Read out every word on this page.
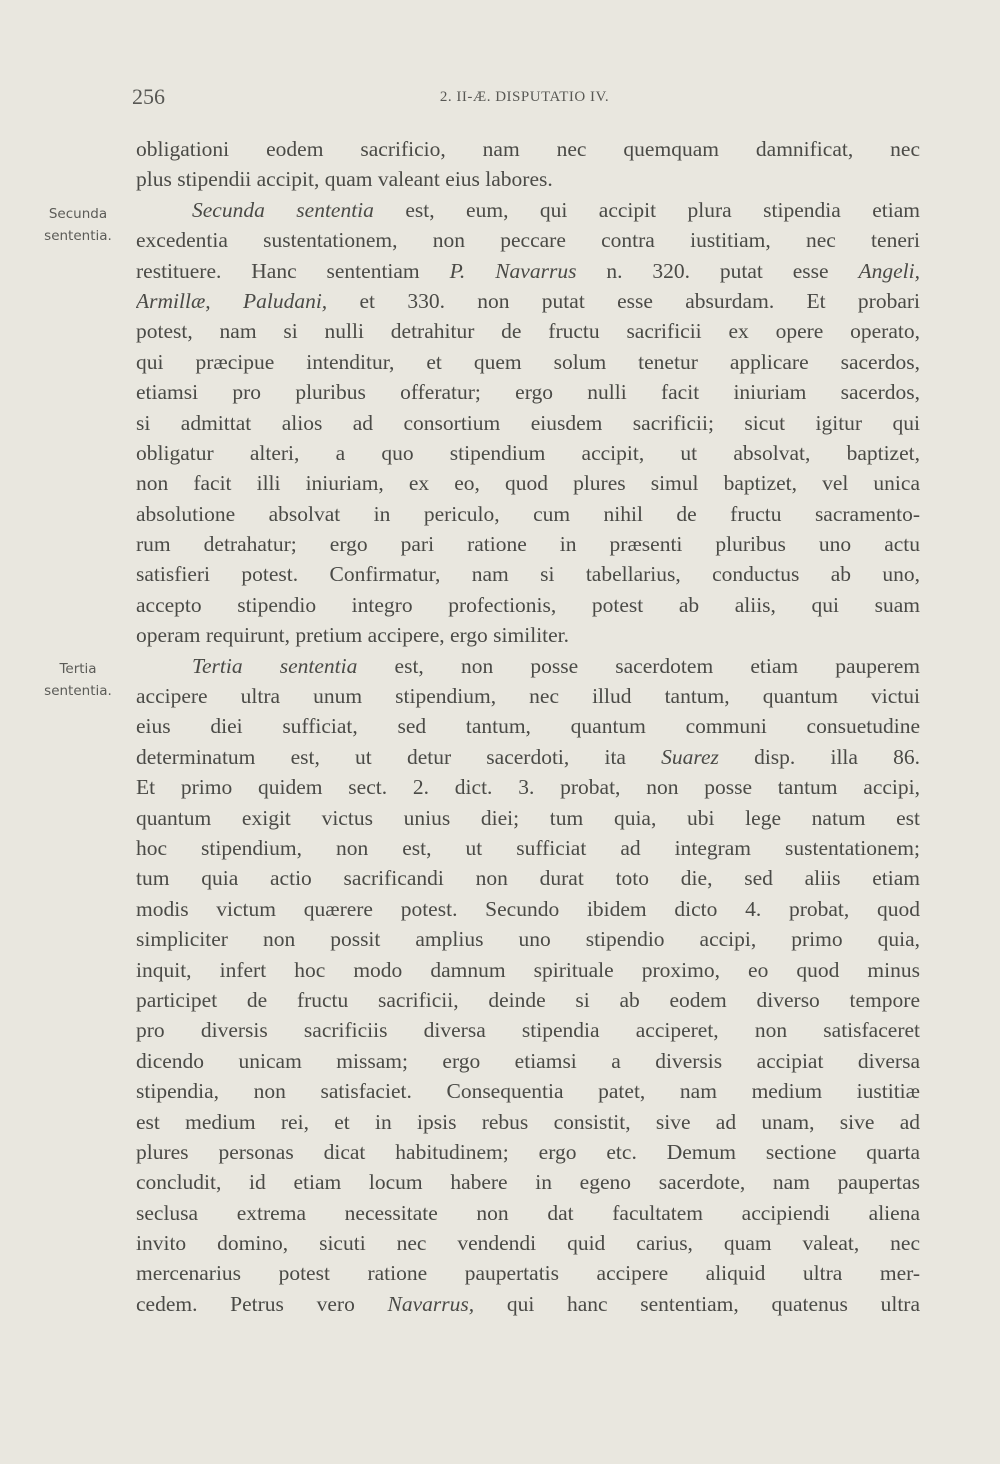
256	2. II-Æ. DISPUTATIO IV.
Secunda
sententia.
Tertia
sententia.
obligationi eodem sacrificio, nam nec quemquam damnificat, nec
plus stipendii accipit, quam valeant eius labores.
Secunda sententia est, eum, qui accipit plura stipendia etiam
excedentia sustentationem, non peccare contra iustitiam, nec teneri
restituere. Hanc sententiam P. Navarrus n. 320. putat esse Angeli,
Armillæ, Paludani, et 330. non putat esse absurdam. Et probari
potest, nam si nulli detrahitur de fructu sacrificii ex opere operato,
qui præcipue intenditur, et quem solum tenetur applicare sacerdos,
etiamsi pro pluribus offeratur; ergo nulli facit iniuriam sacerdos,
si admittat alios ad consortium eiusdem sacrificii; sicut igitur qui
obligatur alteri, a quo stipendium accipit, ut absolvat, baptizet,
non facit illi iniuriam, ex eo, quod plures simul baptizet, vel unica
absolutione absolvat in periculo, cum nihil de fructu sacramento-
rum detrahatur; ergo pari ratione in præsenti pluribus uno actu
satisfieri potest. Confirmatur, nam si tabellarius, conductus ab uno,
accepto stipendio integro profectionis, potest ab aliis, qui suam
operam requirunt, pretium accipere, ergo similiter.
Tertia sententia est, non posse sacerdotem etiam pauperem
accipere ultra unum stipendium, nec illud tantum, quantum victui
eius diei sufficiat, sed tantum, quantum communi consuetudine
determinatum est, ut detur sacerdoti, ita Suarez disp. illa 86.
Et primo quidem sect. 2. dict. 3. probat, non posse tantum accipi,
quantum exigit victus unius diei; tum quia, ubi lege natum est
hoc stipendium, non est, ut sufficiat ad integram sustentationem;
tum quia actio sacrificandi non durat toto die, sed aliis etiam
modis victum quærere potest. Secundo ibidem dicto 4. probat, quod
simpliciter non possit amplius uno stipendio accipi, primo quia,
inquit, infert hoc modo damnum spirituale proximo, eo quod minus
participet de fructu sacrificii, deinde si ab eodem diverso tempore
pro diversis sacrificiis diversa stipendia acciperet, non satisfaceret
dicendo unicam missam; ergo etiamsi a diversis accipiat diversa
stipendia, non satisfaciet. Consequentia patet, nam medium iustitiæ
est medium rei, et in ipsis rebus consistit, sive ad unam, sive ad
plures personas dicat habitudinem; ergo etc. Demum sectione quarta
concludit, id etiam locum habere in egeno sacerdote, nam paupertas
seclusa extrema necessitate non dat facultatem accipiendi aliena
invito domino, sicuti nec vendendi quid carius, quam valeat, nec
mercenarius potest ratione paupertatis accipere aliquid ultra mer-
cedem. Petrus vero Navarrus, qui hanc sententiam, quatenus ultra
